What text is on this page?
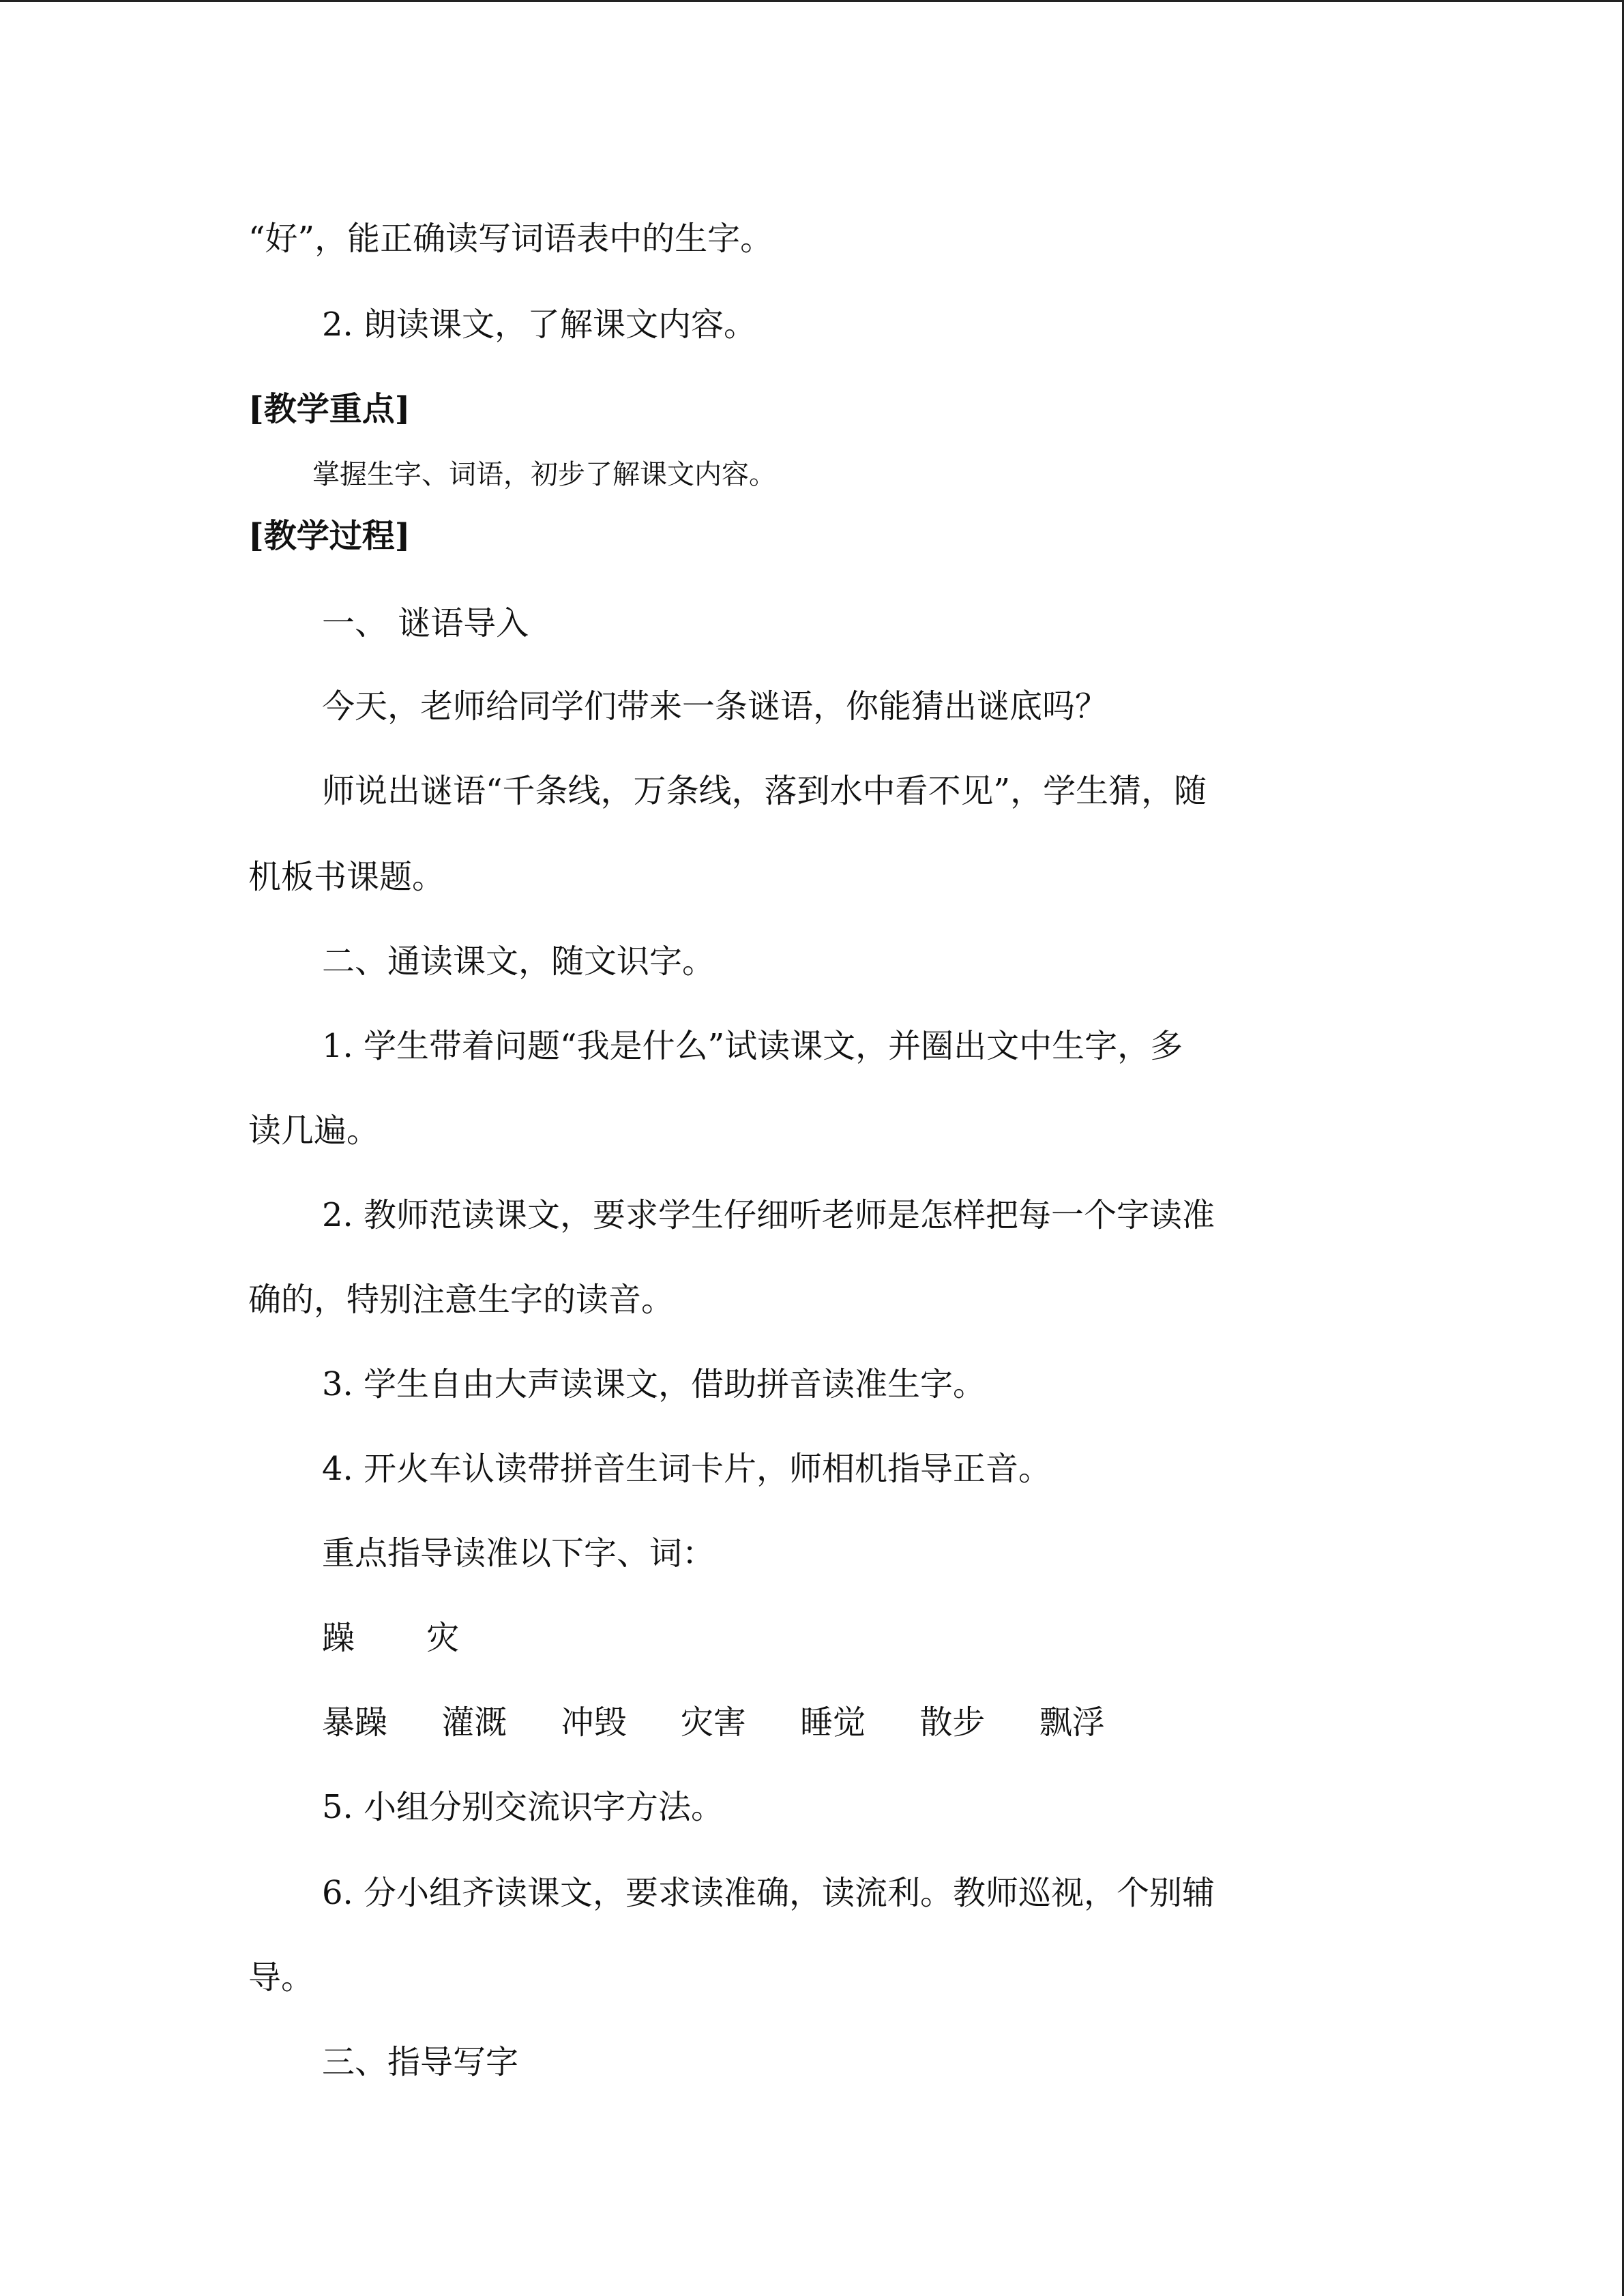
“好”，能正确读写词语表中的生字。
2. 朗读课文，了解课文内容。
[教学重点]
掌握生字、词语，初步了解课文内容。
[教学过程]
一、 谜语导入
今天，老师给同学们带来一条谜语，你能猜出谜底吗？
师说出谜语“千条线，万条线，落到水中看不见”，学生猜，随
机板书课题。
二、通读课文，随文识字。
1. 学生带着问题“我是什么”试读课文，并圈出文中生字，多
读几遍。
2. 教师范读课文，要求学生仔细听老师是怎样把每一个字读准
确的，特别注意生字的读音。
3. 学生自由大声读课文，借助拼音读准生字。
4. 开火车认读带拼音生词卡片，师相机指导正音。
重点指导读准以下字、词：
躁 灾
暴躁 灌溉 冲毁 灾害 睡觉 散步 飘浮
5. 小组分别交流识字方法。
6. 分小组齐读课文，要求读准确，读流利。教师巡视，个别辅
导。
三、指导写字
